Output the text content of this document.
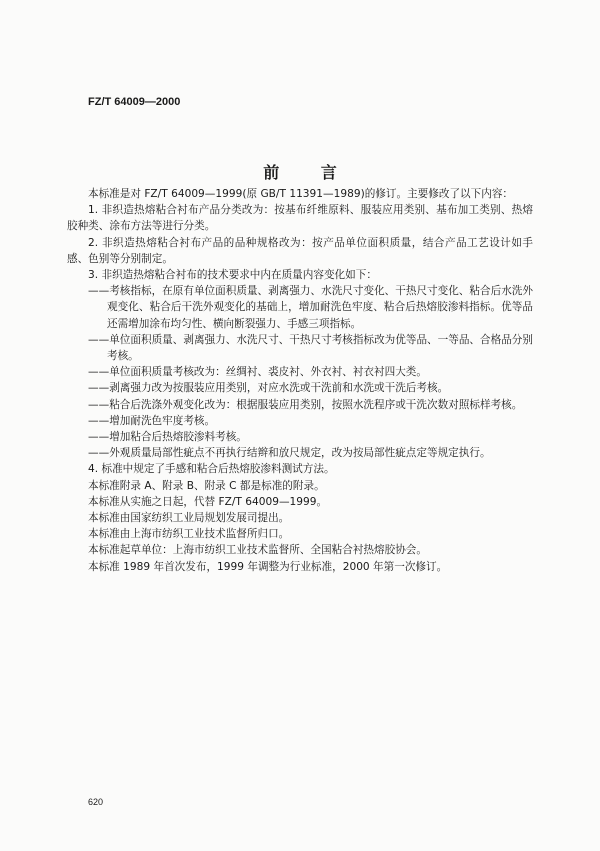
FZ/T 64009—2000
前 言

本标准是对 FZ/T 64009—1999(原 GB/T 11391—1989)的修订。主要修改了以下内容：

1. 非织造热熔粘合衬布产品分类改为：按基布纤维原料、服装应用类别、基布加工类别、热熔胶种类、涂布方法等进行分类。

2. 非织造热熔粘合衬布产品的品种规格改为：按产品单位面积质量，结合产品工艺设计如手感、色别等分别制定。

3. 非织造热熔粘合衬布的技术要求中内在质量内容变化如下：

——考核指标，在原有单位面积质量、剥离强力、水洗尺寸变化、干热尺寸变化、粘合后水洗外观变化、粘合后干洗外观变化的基础上，增加耐洗色牢度、粘合后热熔胶渗料指标。优等品还需增加涂布均匀性、横向断裂强力、手感三项指标。

——单位面积质量、剥离强力、水洗尺寸、干热尺寸考核指标改为优等品、一等品、合格品分别考核。

——单位面积质量考核改为：丝绸衬、裘皮衬、外衣衬、衬衣衬四大类。

——剥离强力改为按服装应用类别，对应水洗或干洗前和水洗或干洗后考核。

——粘合后洗涤外观变化改为：根据服装应用类别，按照水洗程序或干洗次数对照标样考核。

——增加耐洗色牢度考核。

——增加粘合后热熔胶渗料考核。

——外观质量局部性疵点不再执行结辫和放尺规定，改为按局部性疵点定等规定执行。

4. 标准中规定了手感和粘合后热熔胶渗料测试方法。

本标准附录 A、附录 B、附录 C 都是标准的附录。

本标准从实施之日起，代替 FZ/T 64009—1999。

本标准由国家纺织工业局规划发展司提出。

本标准由上海市纺织工业技术监督所归口。

本标准起草单位：上海市纺织工业技术监督所、全国粘合衬热熔胶协会。

本标准 1989 年首次发布，1999 年调整为行业标准，2000 年第一次修订。

620
